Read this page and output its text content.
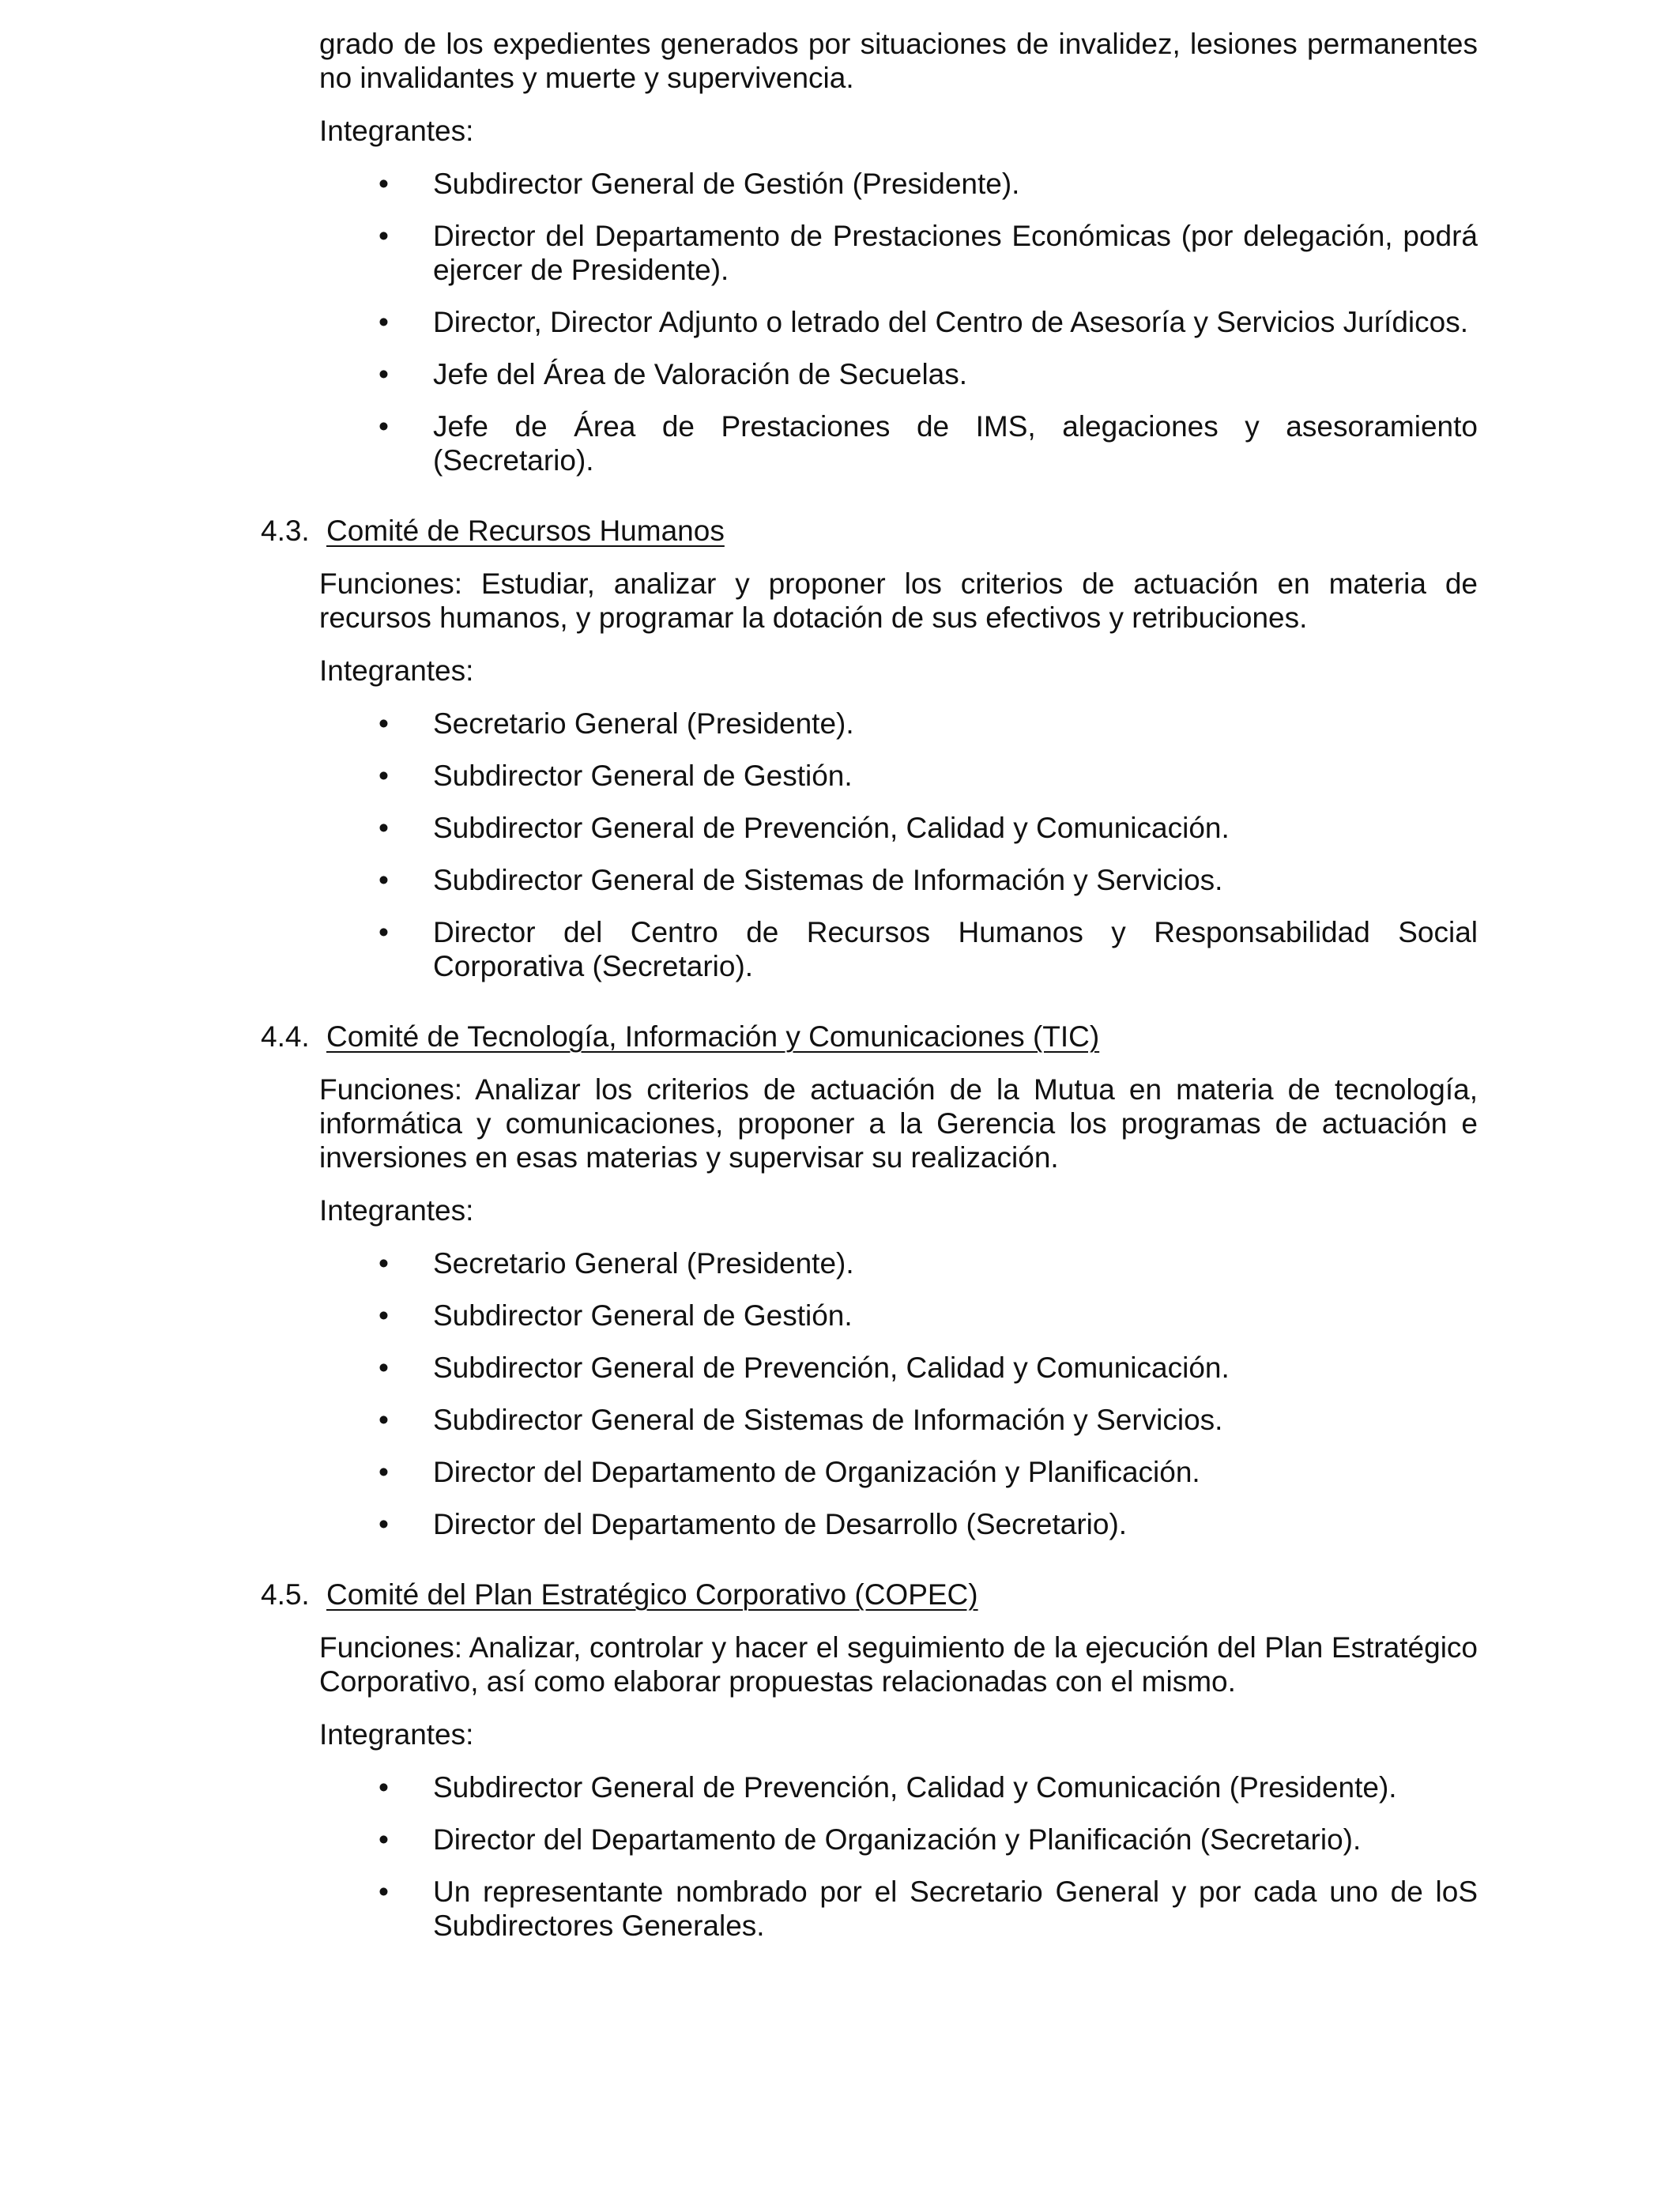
grado de los expedientes generados por situaciones de invalidez, lesiones permanentes no invalidantes y muerte y supervivencia.

Integrantes:

• Subdirector General de Gestión (Presidente).
• Director del Departamento de Prestaciones Económicas (por delegación, podrá ejercer de Presidente).
• Director, Director Adjunto o letrado del Centro de Asesoría y Servicios Jurídicos.
• Jefe del Área de Valoración de Secuelas.
• Jefe de Área de Prestaciones de IMS, alegaciones y asesoramiento (Secretario).
4.3. Comité de Recursos Humanos

Funciones: Estudiar, analizar y proponer los criterios de actuación en materia de recursos humanos, y programar la dotación de sus efectivos y retribuciones.

Integrantes:

• Secretario General (Presidente).
• Subdirector General de Gestión.
• Subdirector General de Prevención, Calidad y Comunicación.
• Subdirector General de Sistemas de Información y Servicios.
• Director del Centro de Recursos Humanos y Responsabilidad Social Corporativa (Secretario).
4.4. Comité de Tecnología, Información y Comunicaciones (TIC)

Funciones: Analizar los criterios de actuación de la Mutua en materia de tecnología, informática y comunicaciones, proponer a la Gerencia los programas de actuación e inversiones en esas materias y supervisar su realización.

Integrantes:

• Secretario General (Presidente).
• Subdirector General de Gestión.
• Subdirector General de Prevención, Calidad y Comunicación.
• Subdirector General de Sistemas de Información y Servicios.
• Director del Departamento de Organización y Planificación.
• Director del Departamento de Desarrollo (Secretario).
4.5. Comité del Plan Estratégico Corporativo (COPEC)

Funciones: Analizar, controlar y hacer el seguimiento de la ejecución del Plan Estratégico Corporativo, así como elaborar propuestas relacionadas con el mismo.

Integrantes:

• Subdirector General de Prevención, Calidad y Comunicación (Presidente).
• Director del Departamento de Organización y Planificación (Secretario).
• Un representante nombrado por el Secretario General y por cada uno de loS Subdirectores Generales.
